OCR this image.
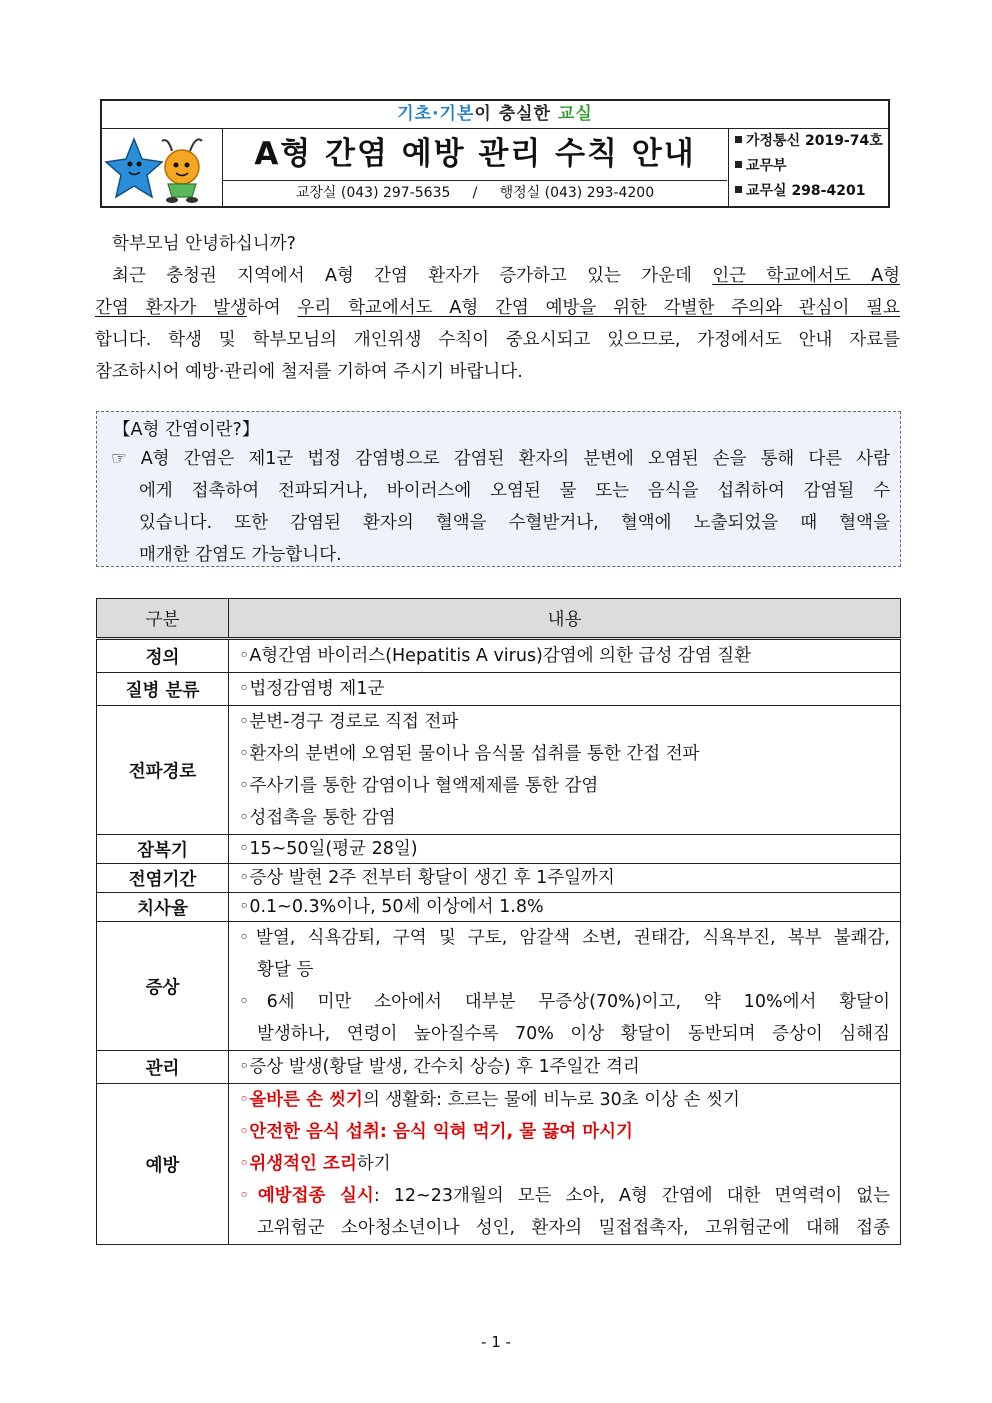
기초·기본이 충실한 교실
A형 간염 예방 관리 수칙 안내
교장실 (043) 297-5635     /     행정실 (043) 293-4200
가정통신 2019-74호
교무부
교무실 298-4201
학부모님 안녕하십니까?
최근 충청권 지역에서 A형 간염 환자가 증가하고 있는 가운데 인근 학교에서도 A형
간염 환자가 발생하여 우리 학교에서도 A형 간염 예방을 위한 각별한 주의와 관심이 필요
합니다. 학생 및 학부모님의 개인위생 수칙이 중요시되고 있으므로, 가정에서도 안내 자료를
참조하시어 예방·관리에 철저를 기하여 주시기 바랍니다.
【A형 간염이란?】
☞ A형 간염은 제1군 법정 감염병으로 감염된 환자의 분변에 오염된 손을 통해 다른 사람
에게 접촉하여 전파되거나, 바이러스에 오염된 물 또는 음식을 섭취하여 감염될 수
있습니다. 또한 감염된 환자의 혈액을 수혈받거나, 혈액에 노출되었을 때 혈액을
매개한 감염도 가능합니다.
구분	내용
정의	◦A형간염 바이러스(Hepatitis A virus)감염에 의한 급성 감염 질환

질병 분류	◦법정감염병 제1군

전파경로	◦분변-경구 경로로 직접 전파
◦환자의 분변에 오염된 물이나 음식물 섭취를 통한 간접 전파
◦주사기를 통한 감염이나 혈액제제를 통한 감염
◦성접촉을 통한 감염

잠복기	◦15~50일(평균 28일)

전염기간	◦증상 발현 2주 전부터 황달이 생긴 후 1주일까지

치사율	◦0.1~0.3%이나, 50세 이상에서 1.8%

증상	◦발열, 식욕감퇴, 구역 및 구토, 암갈색 소변, 권태감, 식욕부진, 복부 불쾌감,
황달 등
◦6세 미만 소아에서 대부분 무증상(70%)이고, 약 10%에서 황달이
발생하나, 연령이 높아질수록 70% 이상 황달이 동반되며 증상이 심해짐

관리	◦증상 발생(황달 발생, 간수치 상승) 후 1주일간 격리

예방	◦올바른 손 씻기의 생활화: 흐르는 물에 비누로 30초 이상 손 씻기
◦안전한 음식 섭취: 음식 익혀 먹기, 물 끓여 마시기
◦위생적인 조리하기
◦예방접종 실시: 12~23개월의 모든 소아, A형 간염에 대한 면역력이 없는
고위험군 소아청소년이나 성인, 환자의 밀접접촉자, 고위험군에 대해 접종
- 1 -
